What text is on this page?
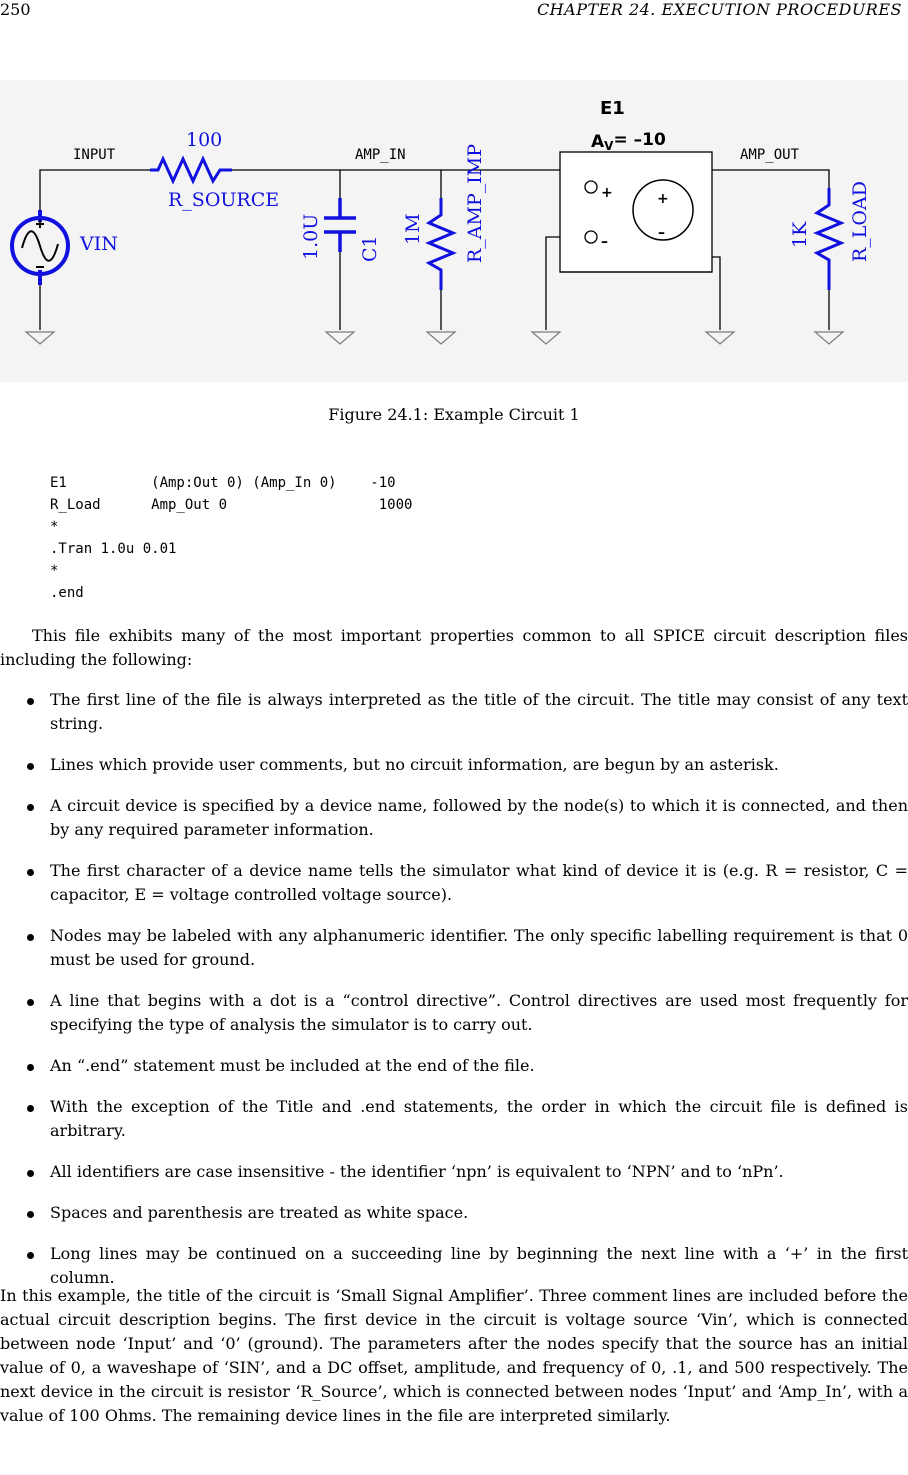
250	CHAPTER 24. EXECUTION PROCEDURES
INPUT	AMP_IN	AMP_OUT
100
R_SOURCE
VIN	1.0U C1
1M R_AMP_IMP	1K R_LOAD
E1
AV= –10
+
–
+
–
Figure 24.1: Example Circuit 1
E1          (Amp:Out 0) (Amp_In 0)    -10
R_Load      Amp_Out 0                  1000
*
.Tran 1.0u 0.01
*
.end

This file exhibits many of the most important properties common to all SPICE circuit description files including the following:

The first line of the file is always interpreted as the title of the circuit. The title may consist of any text string.
Lines which provide user comments, but no circuit information, are begun by an asterisk.
A circuit device is specified by a device name, followed by the node(s) to which it is connected, and then by any required parameter information.
The first character of a device name tells the simulator what kind of device it is (e.g. R = resistor, C = capacitor, E = voltage controlled voltage source).
Nodes may be labeled with any alphanumeric identifier. The only specific labelling requirement is that 0 must be used for ground.
A line that begins with a dot is a “control directive”. Control directives are used most frequently for specifying the type of analysis the simulator is to carry out.
An “.end” statement must be included at the end of the file.
With the exception of the Title and .end statements, the order in which the circuit file is defined is arbitrary.
All identifiers are case insensitive - the identifier ‘npn’ is equivalent to ‘NPN’ and to ‘nPn’.
Spaces and parenthesis are treated as white space.
Long lines may be continued on a succeeding line by beginning the next line with a ‘+’ in the first column.

In this example, the title of the circuit is ‘Small Signal Amplifier’. Three comment lines are included before the actual circuit description begins. The first device in the circuit is voltage source ‘Vin’, which is connected between node ‘Input’ and ‘0’ (ground). The parameters after the nodes specify that the source has an initial value of 0, a waveshape of ‘SIN’, and a DC offset, amplitude, and frequency of 0, .1, and 500 respectively. The next device in the circuit is resistor ‘R_Source’, which is connected between nodes ‘Input’ and ‘Amp_In’, with a value of 100 Ohms. The remaining device lines in the file are interpreted similarly.
